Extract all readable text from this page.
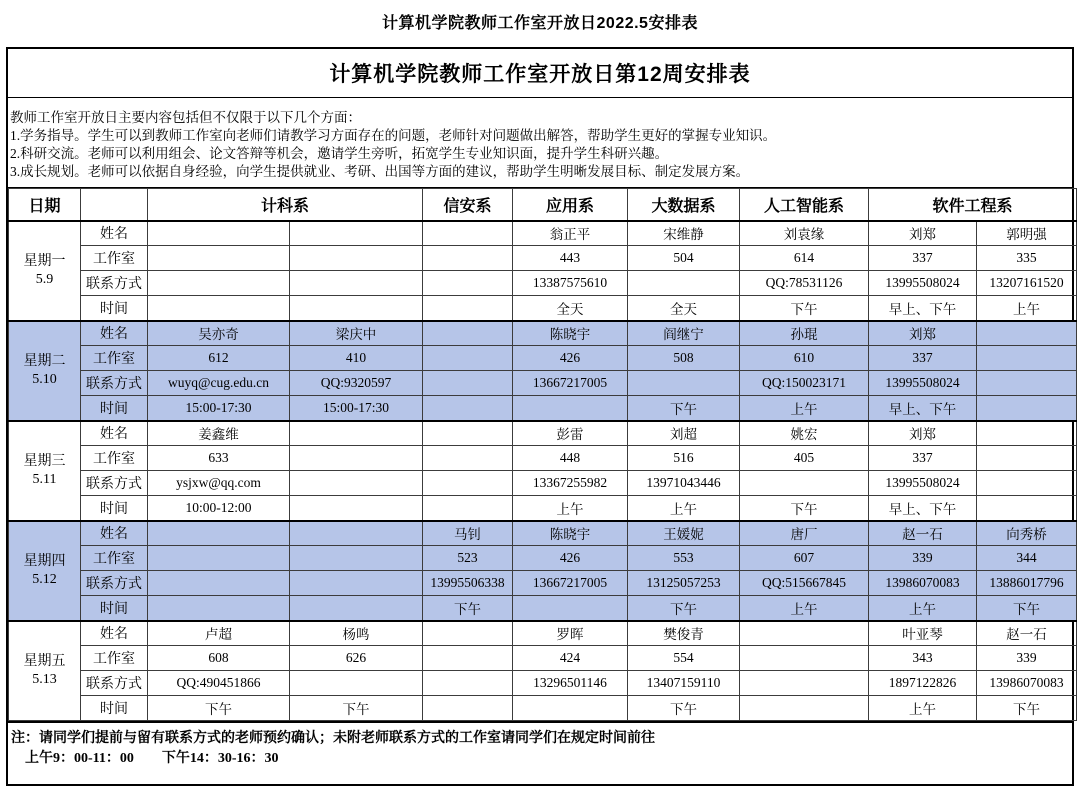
计算机学院教师工作室开放日2022.5安排表
计算机学院教师工作室开放日第12周安排表
教师工作室开放日主要内容包括但不仅限于以下几个方面：
1.学务指导。学生可以到教师工作室向老师们请教学习方面存在的问题，老师针对问题做出解答，帮助学生更好的掌握专业知识。
2.科研交流。老师可以利用组会、论文答辩等机会，邀请学生旁听，拓宽学生专业知识面，提升学生科研兴趣。
3.成长规划。老师可以依据自身经验，向学生提供就业、考研、出国等方面的建议，帮助学生明晰发展目标、制定发展方案。
日期		计科系		信安系	应用系	大数据系	人工智能系	软件工程系	

星期一
5.9	姓名				翁正平	宋维静	刘袁缘	刘郑	郭明强
	工作室				443	504	614	337	335
	联系方式				13387575610		QQ:78531126	13995508024	13207161520
	时间				全天	全天	下午	早上、下午	上午

星期二
5.10	姓名	吴亦奇	梁庆中		陈晓宇	阎继宁	孙琨	刘郑	
	工作室	612	410		426	508	610	337	
	联系方式	wuyq@cug.edu.cn	QQ:9320597		13667217005		QQ:150023171	13995508024	
	时间	15:00-17:30	15:00-17:30			下午	上午	早上、下午	

星期三
5.11	姓名	姜鑫维			彭雷	刘超	姚宏	刘郑	
	工作室	633			448	516	405	337	
	联系方式	ysjxw@qq.com			13367255982	13971043446		13995508024	
	时间	10:00-12:00			上午	上午	下午	早上、下午	

星期四
5.12	姓名			马钊	陈晓宇	王媛妮	唐厂	赵一石	向秀桥
	工作室			523	426	553	607	339	344
	联系方式			13995506338	13667217005	13125057253	QQ:515667845	13986070083	13886017796
	时间			下午		下午	上午	上午	下午

星期五
5.13	姓名	卢超	杨鸣		罗晖	樊俊青		叶亚琴	赵一石
	工作室	608	626		424	554		343	339
	联系方式	QQ:490451866			13296501146	13407159110		1897122826	13986070083
	时间	下午	下午			下午		上午	下午
注：请同学们提前与留有联系方式的老师预约确认；未附老师联系方式的工作室请同学们在规定时间前往
上午9：00-11：00　　下午14：30-16：30
